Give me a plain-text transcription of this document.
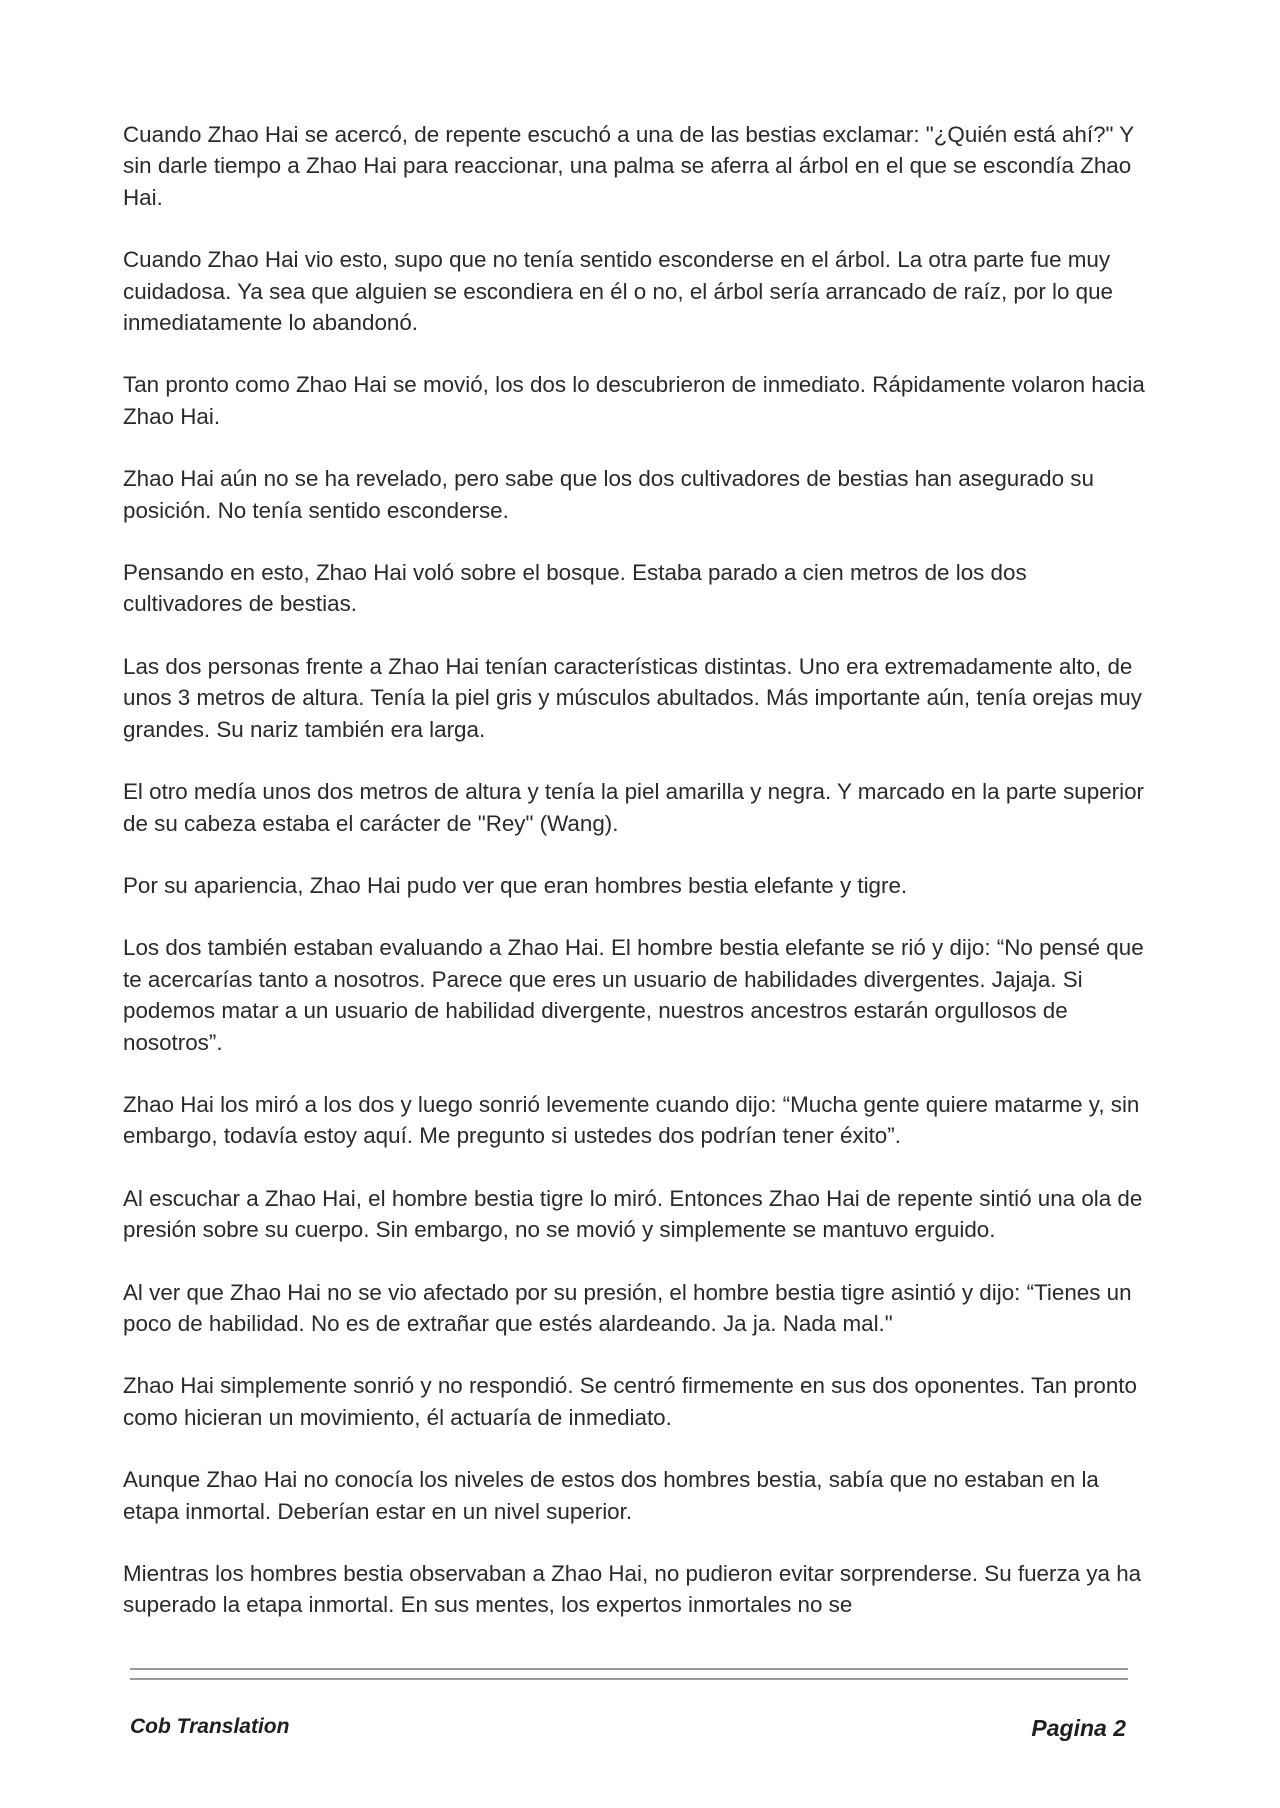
Cuando Zhao Hai se acercó, de repente escuchó a una de las bestias exclamar: "¿Quién está ahí?" Y sin darle tiempo a Zhao Hai para reaccionar, una palma se aferra al árbol en el que se escondía Zhao Hai.

Cuando Zhao Hai vio esto, supo que no tenía sentido esconderse en el árbol. La otra parte fue muy cuidadosa. Ya sea que alguien se escondiera en él o no, el árbol sería arrancado de raíz, por lo que inmediatamente lo abandonó.

Tan pronto como Zhao Hai se movió, los dos lo descubrieron de inmediato. Rápidamente volaron hacia Zhao Hai.

Zhao Hai aún no se ha revelado, pero sabe que los dos cultivadores de bestias han asegurado su posición. No tenía sentido esconderse.

Pensando en esto, Zhao Hai voló sobre el bosque. Estaba parado a cien metros de los dos cultivadores de bestias.

Las dos personas frente a Zhao Hai tenían características distintas. Uno era extremadamente alto, de unos 3 metros de altura. Tenía la piel gris y músculos abultados. Más importante aún, tenía orejas muy grandes. Su nariz también era larga.

El otro medía unos dos metros de altura y tenía la piel amarilla y negra. Y marcado en la parte superior de su cabeza estaba el carácter de "Rey" (Wang).

Por su apariencia, Zhao Hai pudo ver que eran hombres bestia elefante y tigre.

Los dos también estaban evaluando a Zhao Hai. El hombre bestia elefante se rió y dijo: “No pensé que te acercarías tanto a nosotros. Parece que eres un usuario de habilidades divergentes. Jajaja. Si podemos matar a un usuario de habilidad divergente, nuestros ancestros estarán orgullosos de nosotros”.

Zhao Hai los miró a los dos y luego sonrió levemente cuando dijo: “Mucha gente quiere matarme y, sin embargo, todavía estoy aquí. Me pregunto si ustedes dos podrían tener éxito”.

Al escuchar a Zhao Hai, el hombre bestia tigre lo miró. Entonces Zhao Hai de repente sintió una ola de presión sobre su cuerpo. Sin embargo, no se movió y simplemente se mantuvo erguido.

Al ver que Zhao Hai no se vio afectado por su presión, el hombre bestia tigre asintió y dijo: “Tienes un poco de habilidad. No es de extrañar que estés alardeando. Ja ja. Nada mal."

Zhao Hai simplemente sonrió y no respondió. Se centró firmemente en sus dos oponentes. Tan pronto como hicieran un movimiento, él actuaría de inmediato.

Aunque Zhao Hai no conocía los niveles de estos dos hombres bestia, sabía que no estaban en la etapa inmortal. Deberían estar en un nivel superior.

Mientras los hombres bestia observaban a Zhao Hai, no pudieron evitar sorprenderse. Su fuerza ya ha superado la etapa inmortal. En sus mentes, los expertos inmortales no se

Cob Translation	Pagina 2
